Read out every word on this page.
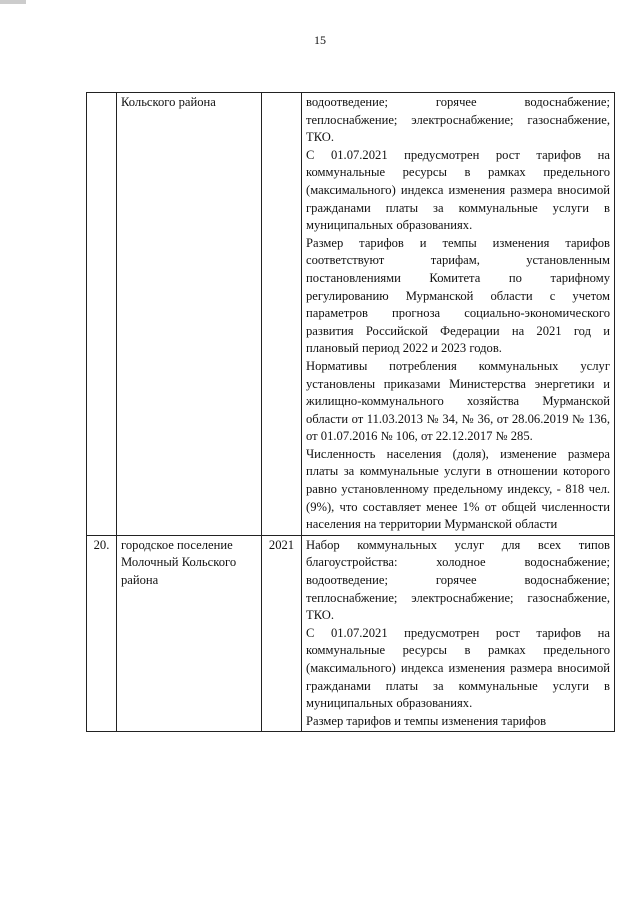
15
	Кольского района		водоотведение; горячее водоснабжение; теплоснабжение; электроснабжение; газоснабжение, ТКО.

С 01.07.2021 предусмотрен рост тарифов на коммунальные ресурсы в рамках предельного (максимального) индекса изменения размера вносимой гражданами платы за коммунальные услуги в муниципальных образованиях.

Размер тарифов и темпы изменения тарифов соответствуют тарифам, установленным постановлениями Комитета по тарифному регулированию Мурманской области с учетом параметров прогноза социально-экономического развития Российской Федерации на 2021 год и плановый период 2022 и 2023 годов.

Нормативы потребления коммунальных услуг установлены приказами Министерства энергетики и жилищно-коммунального хозяйства Мурманской области от 11.03.2013 № 34, № 36, от 28.06.2019 № 136, от 01.07.2016 № 106, от 22.12.2017 № 285.

Численность населения (доля), изменение размера платы за коммунальные услуги в отношении которого равно установленному предельному индексу, - 818 чел. (9%), что составляет менее 1% от общей численности населения на территории Мурманской области

20.	городское поселение Молочный Кольского района	2021	Набор коммунальных услуг для всех типов благоустройства: холодное водоснабжение; водоотведение; горячее водоснабжение; теплоснабжение; электроснабжение; газоснабжение, ТКО.

С 01.07.2021 предусмотрен рост тарифов на коммунальные ресурсы в рамках предельного (максимального) индекса изменения размера вносимой гражданами платы за коммунальные услуги в муниципальных образованиях.

Размер тарифов и темпы изменения тарифов
